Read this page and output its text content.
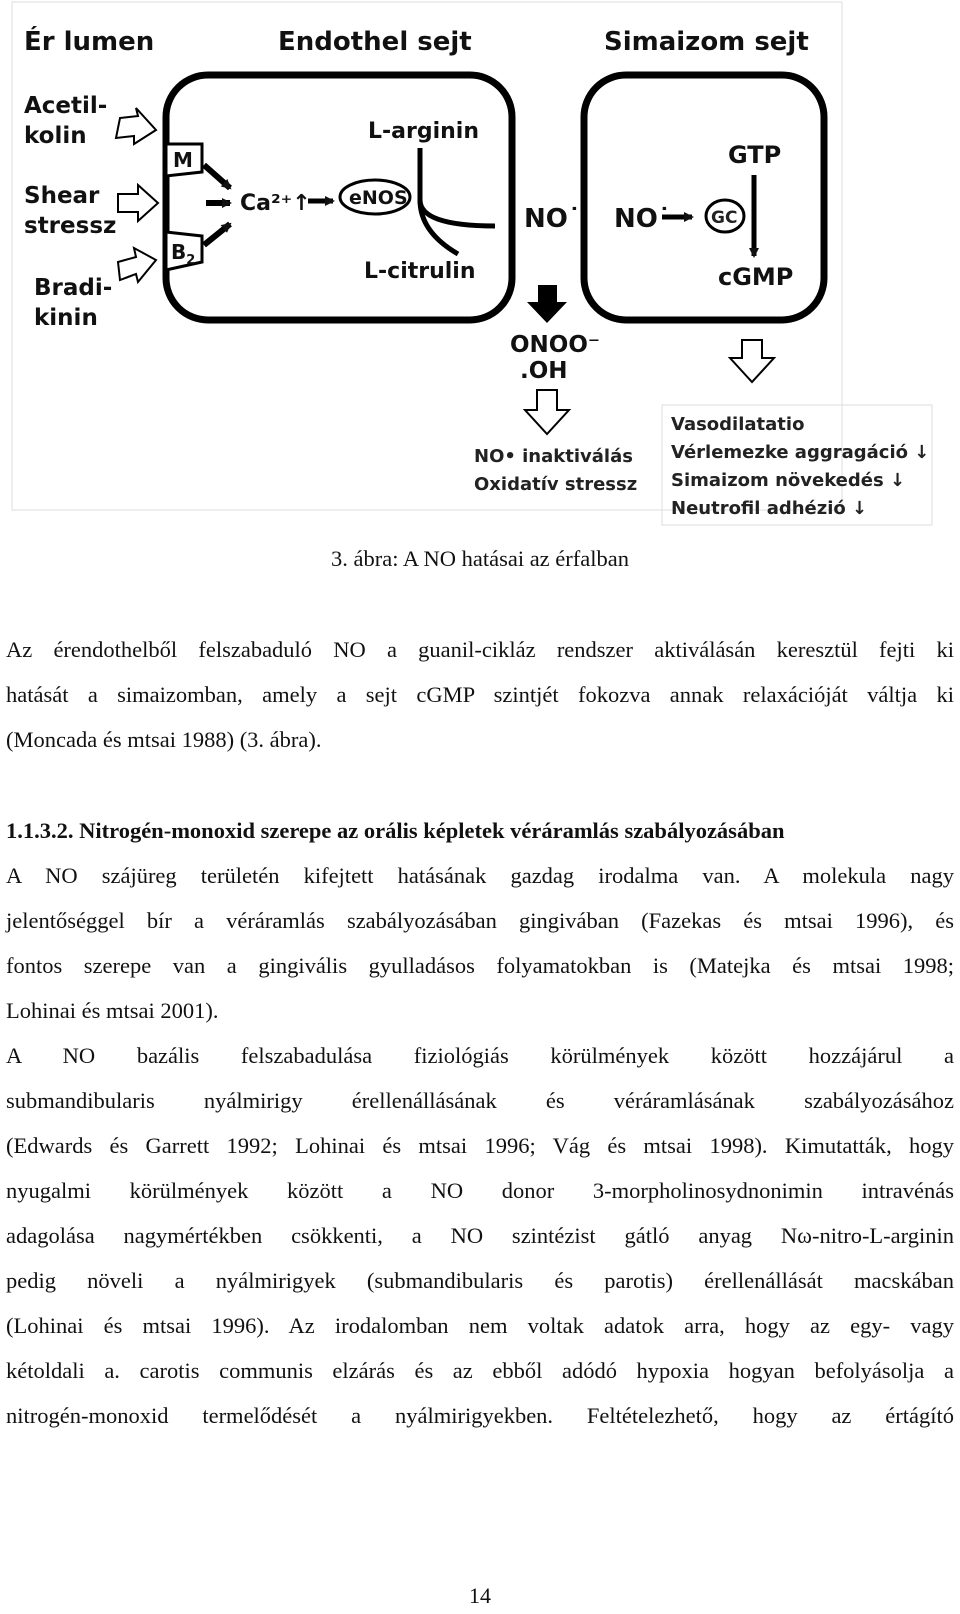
Ér lumen	Endothel sejt	Simaizom sejt
Acetil-
kolin
Shear
stressz
Bradi-
kinin
M
$B_2$
Ca²⁺↑ eNOS
L-arginin
L-citrulin
NO˙ NO˙
GTP
GC
cGMP
ONOO⁻
.OH
NO• inaktiválás
Oxidatív stressz
Vasodilatatio
Vérlemezke aggragáció ↓
Simaizom növekedés ↓
Neutrofil adhézió ↓
3. ábra: A NO hatásai az érfalban
Az érendothelből felszabaduló NO a guanil-cikláz rendszer aktiválásán keresztül fejti ki
hatását a simaizomban, amely a sejt cGMP szintjét fokozva annak relaxációját váltja ki
(Moncada és mtsai 1988) (3. ábra).
1.1.3.2. Nitrogén-monoxid szerepe az orális képletek véráramlás szabályozásában
A NO szájüreg területén kifejtett hatásának gazdag irodalma van. A molekula nagy
jelentőséggel bír a véráramlás szabályozásában gingivában (Fazekas és mtsai 1996), és
fontos szerepe van a gingivális gyulladásos folyamatokban is (Matejka és mtsai 1998;
Lohinai és mtsai 2001).
A NO bazális felszabadulása fiziológiás körülmények között hozzájárul a
submandibularis nyálmirigy érellenállásának és véráramlásának szabályozásához
(Edwards és Garrett 1992; Lohinai és mtsai 1996; Vág és mtsai 1998). Kimutatták, hogy
nyugalmi körülmények között a NO donor 3-morpholinosydnonimin intravénás
adagolása nagymértékben csökkenti, a NO szintézist gátló anyag Nω-nitro-L-arginin
pedig növeli a nyálmirigyek (submandibularis és parotis) érellenállását macskában
(Lohinai és mtsai 1996). Az irodalomban nem voltak adatok arra, hogy az egy- vagy
kétoldali a. carotis communis elzárás és az ebből adódó hypoxia hogyan befolyásolja a
nitrogén-monoxid termelődését a nyálmirigyekben. Feltételezhető, hogy az értágító
14
